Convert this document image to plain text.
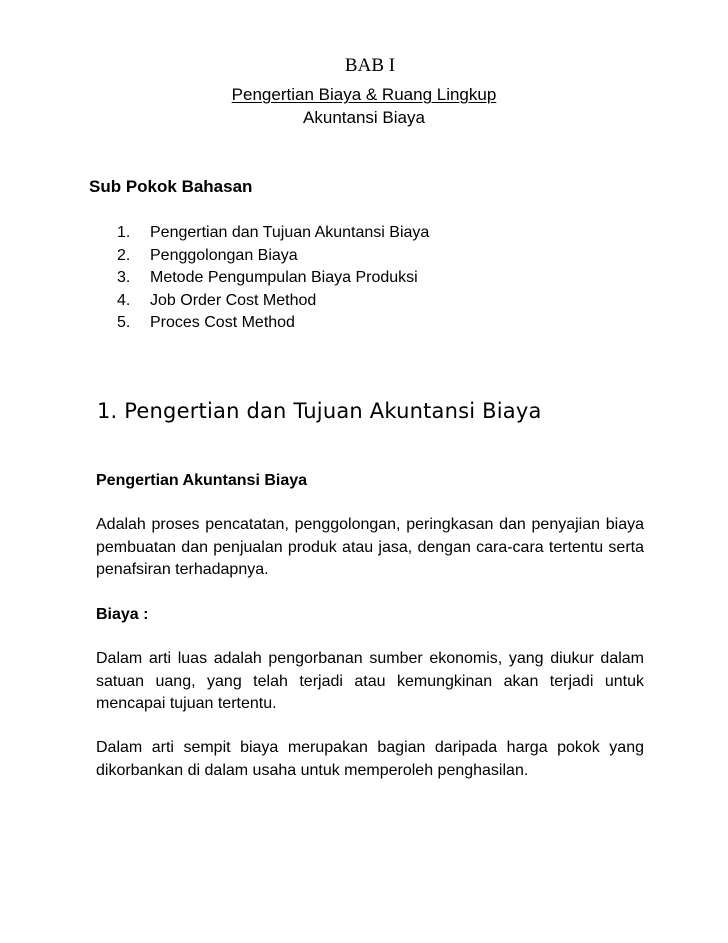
BAB I
Pengertian Biaya & Ruang Lingkup
Akuntansi Biaya
Sub Pokok Bahasan
1. Pengertian dan Tujuan Akuntansi Biaya
2. Penggolongan Biaya
3. Metode Pengumpulan Biaya Produksi
4. Job Order Cost Method
5. Proces Cost Method
1. Pengertian dan Tujuan Akuntansi Biaya
Pengertian Akuntansi Biaya
Adalah proses pencatatan, penggolongan, peringkasan dan penyajian biaya pembuatan dan penjualan produk atau jasa, dengan cara-cara tertentu serta penafsiran terhadapnya.
Biaya :
Dalam arti luas adalah pengorbanan sumber ekonomis, yang diukur dalam satuan uang, yang telah terjadi atau kemungkinan akan terjadi untuk mencapai tujuan tertentu.
Dalam arti sempit biaya merupakan bagian daripada harga pokok yang dikorbankan di dalam usaha untuk memperoleh penghasilan.
